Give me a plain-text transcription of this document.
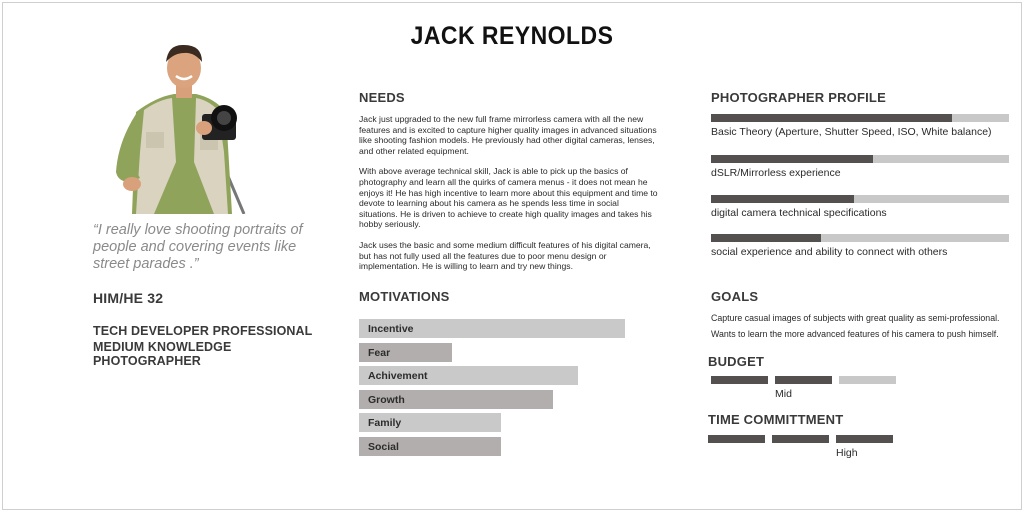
JACK REYNOLDS
“I really love shooting portraits of people and covering events like street parades .”
HIM/HE 32
TECH DEVELOPER PROFESSIONAL
MEDIUM KNOWLEDGE PHOTOGRAPHER
NEEDS

Jack just upgraded to the new full frame mirrorless camera with all the new features and is excited to capture higher quality images in advanced situations like shooting fashion models. He previously had other digital cameras, lenses, and other related equipment.

With above average technical skill, Jack is able to pick up the basics of photography and learn all the quirks of camera menus - it does not mean he enjoys it! He has high incentive to learn more about this equipment and time to devote to learning about his camera as he spends less time in social situations. He is driven to achieve to create high quality images and takes his hobby seriously.

Jack uses the basic and some medium difficult features of his digital camera, but has not fully used all the features due to poor menu design or implementation. He is willing to learn and try new things.

MOTIVATIONS
Incentive
Fear
Achivement
Growth
Family
Social
PHOTOGRAPHER PROFILE
Basic Theory (Aperture, Shutter Speed, ISO, White balance)
dSLR/Mirrorless experience
digital camera technical specifications
social experience and ability to connect with others
GOALS
Capture casual images of subjects with great quality as semi-professional.
Wants to learn the more advanced features of his camera to push himself.
BUDGET
Mid
TIME COMMITTMENT
High
